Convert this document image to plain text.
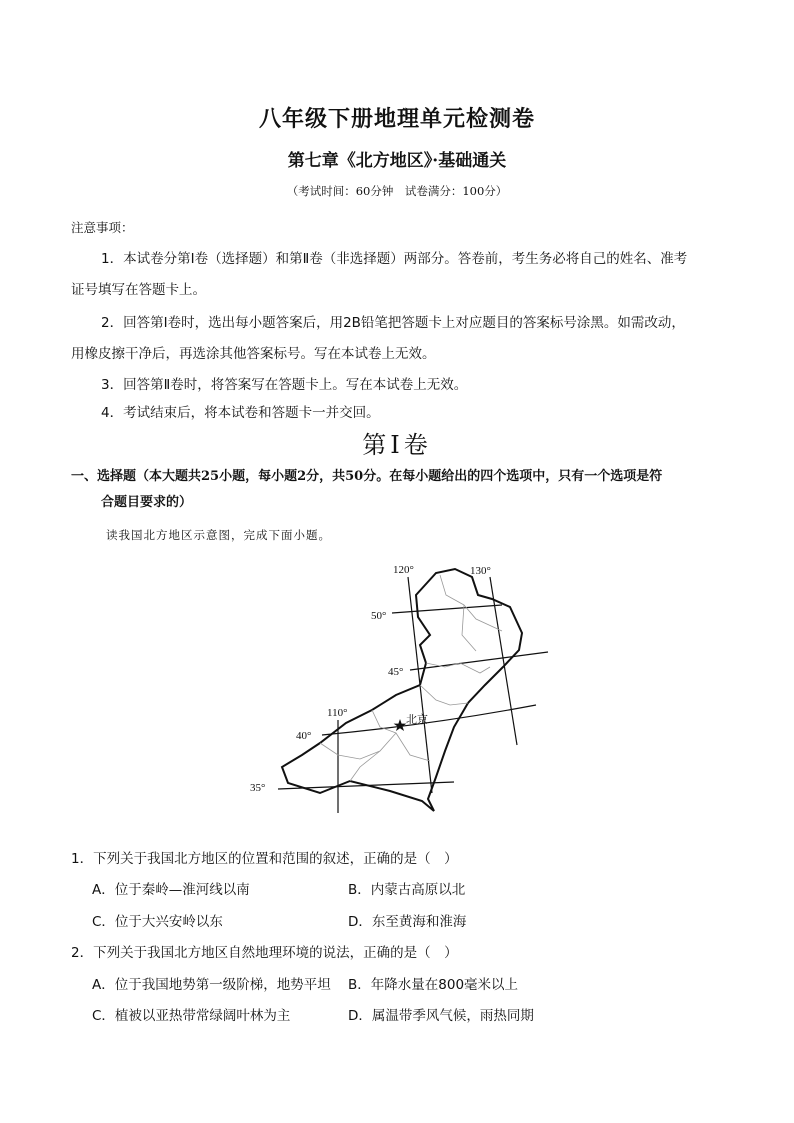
八年级下册地理单元检测卷
第七章《北方地区》·基础通关
（考试时间：60分钟　试卷满分：100分）
注意事项：
1．本试卷分第Ⅰ卷（选择题）和第Ⅱ卷（非选择题）两部分。答卷前，考生务必将自己的姓名、准考
证号填写在答题卡上。
2．回答第Ⅰ卷时，选出每小题答案后，用2B铅笔把答题卡上对应题目的答案标号涂黑。如需改动，
用橡皮擦干净后，再选涂其他答案标号。写在本试卷上无效。
3．回答第Ⅱ卷时，将答案写在答题卡上。写在本试卷上无效。
4．考试结束后，将本试卷和答题卡一并交回。
第Ⅰ卷
一、选择题（本大题共25小题，每小题2分，共50分。在每小题给出的四个选项中，只有一个选项是符
合题目要求的）
读我国北方地区示意图，完成下面小题。
120°	130°
50°
45°
110°
40°
35°
北京
1．下列关于我国北方地区的位置和范围的叙述，正确的是（　）
A．位于秦岭—淮河线以南	B．内蒙古高原以北
C．位于大兴安岭以东	D．东至黄海和淮海
2．下列关于我国北方地区自然地理环境的说法，正确的是（　）
A．位于我国地势第一级阶梯，地势平坦 B．年降水量在800毫米以上
C．植被以亚热带常绿阔叶林为主	D．属温带季风气候，雨热同期
